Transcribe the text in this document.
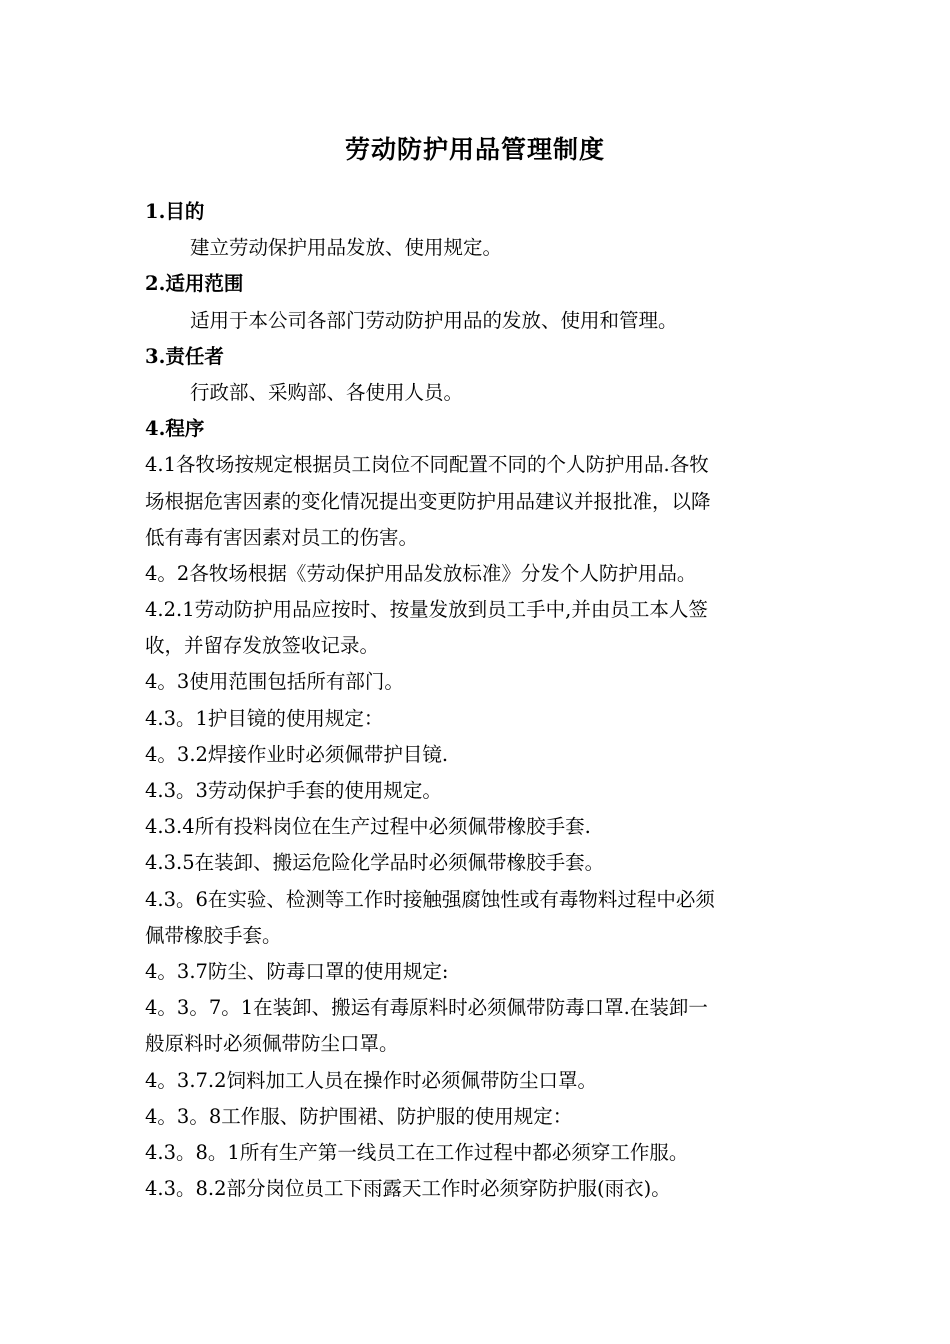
劳动防护用品管理制度
1.目的
建立劳动保护用品发放、使用规定。
2.适用范围
适用于本公司各部门劳动防护用品的发放、使用和管理。
3.责任者
行政部、采购部、各使用人员。
4.程序
4.1各牧场按规定根据员工岗位不同配置不同的个人防护用品.各牧
场根据危害因素的变化情况提出变更防护用品建议并报批准，以降
低有毒有害因素对员工的伤害。
4。2各牧场根据《劳动保护用品发放标准》分发个人防护用品。
4.2.1劳动防护用品应按时、按量发放到员工手中,并由员工本人签
收，并留存发放签收记录。
4。3使用范围包括所有部门。
4.3。1护目镜的使用规定：
4。3.2焊接作业时必须佩带护目镜.
4.3。3劳动保护手套的使用规定。
4.3.4所有投料岗位在生产过程中必须佩带橡胶手套.
4.3.5在装卸、搬运危险化学品时必须佩带橡胶手套。
4.3。6在实验、检测等工作时接触强腐蚀性或有毒物料过程中必须
佩带橡胶手套。
4。3.7防尘、防毒口罩的使用规定:
4。3。7。1在装卸、搬运有毒原料时必须佩带防毒口罩.在装卸一
般原料时必须佩带防尘口罩。
4。3.7.2饲料加工人员在操作时必须佩带防尘口罩。
4。3。8工作服、防护围裙、防护服的使用规定：
4.3。8。1所有生产第一线员工在工作过程中都必须穿工作服。
4.3。8.2部分岗位员工下雨露天工作时必须穿防护服(雨衣)。
